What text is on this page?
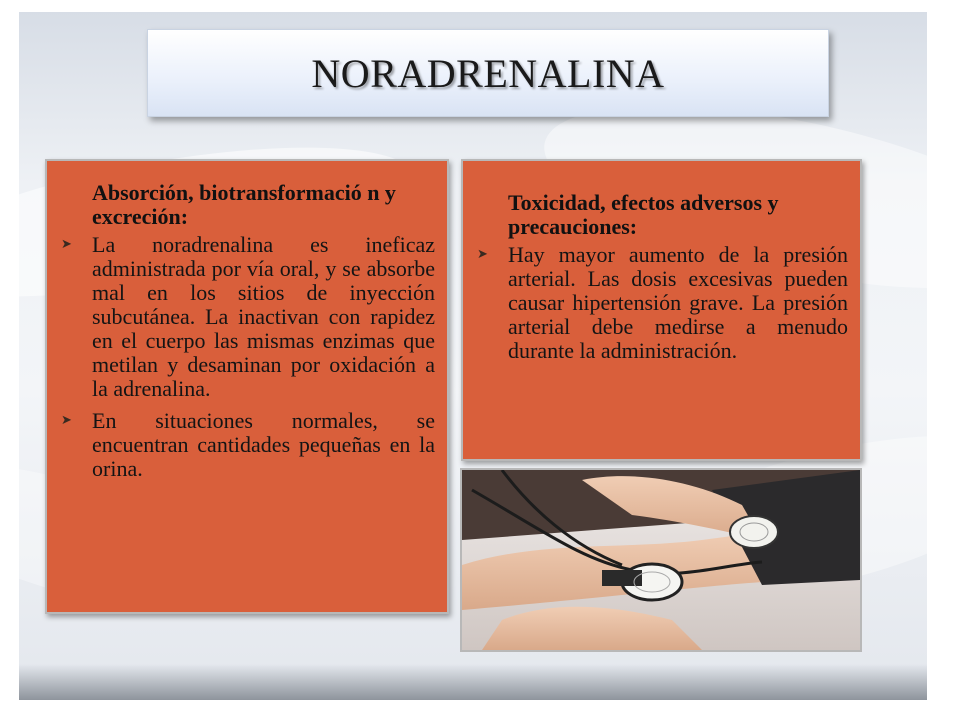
NORADRENALINA
Absorción, biotransformació n y excreción:
➤ La noradrenalina es ineficaz administrada por vía oral, y se absorbe mal en los sitios de inyección subcutánea. La inactivan con rapidez en el cuerpo las mismas enzimas que metilan y desaminan por oxidación a la adrenalina.
➤ En situaciones normales, se encuentran cantidades pequeñas en la orina.
Toxicidad, efectos adversos y precauciones:
➤ Hay mayor aumento de la presión arterial. Las dosis excesivas pueden causar hipertensión grave. La presión arterial debe medirse a menudo durante la administración.
